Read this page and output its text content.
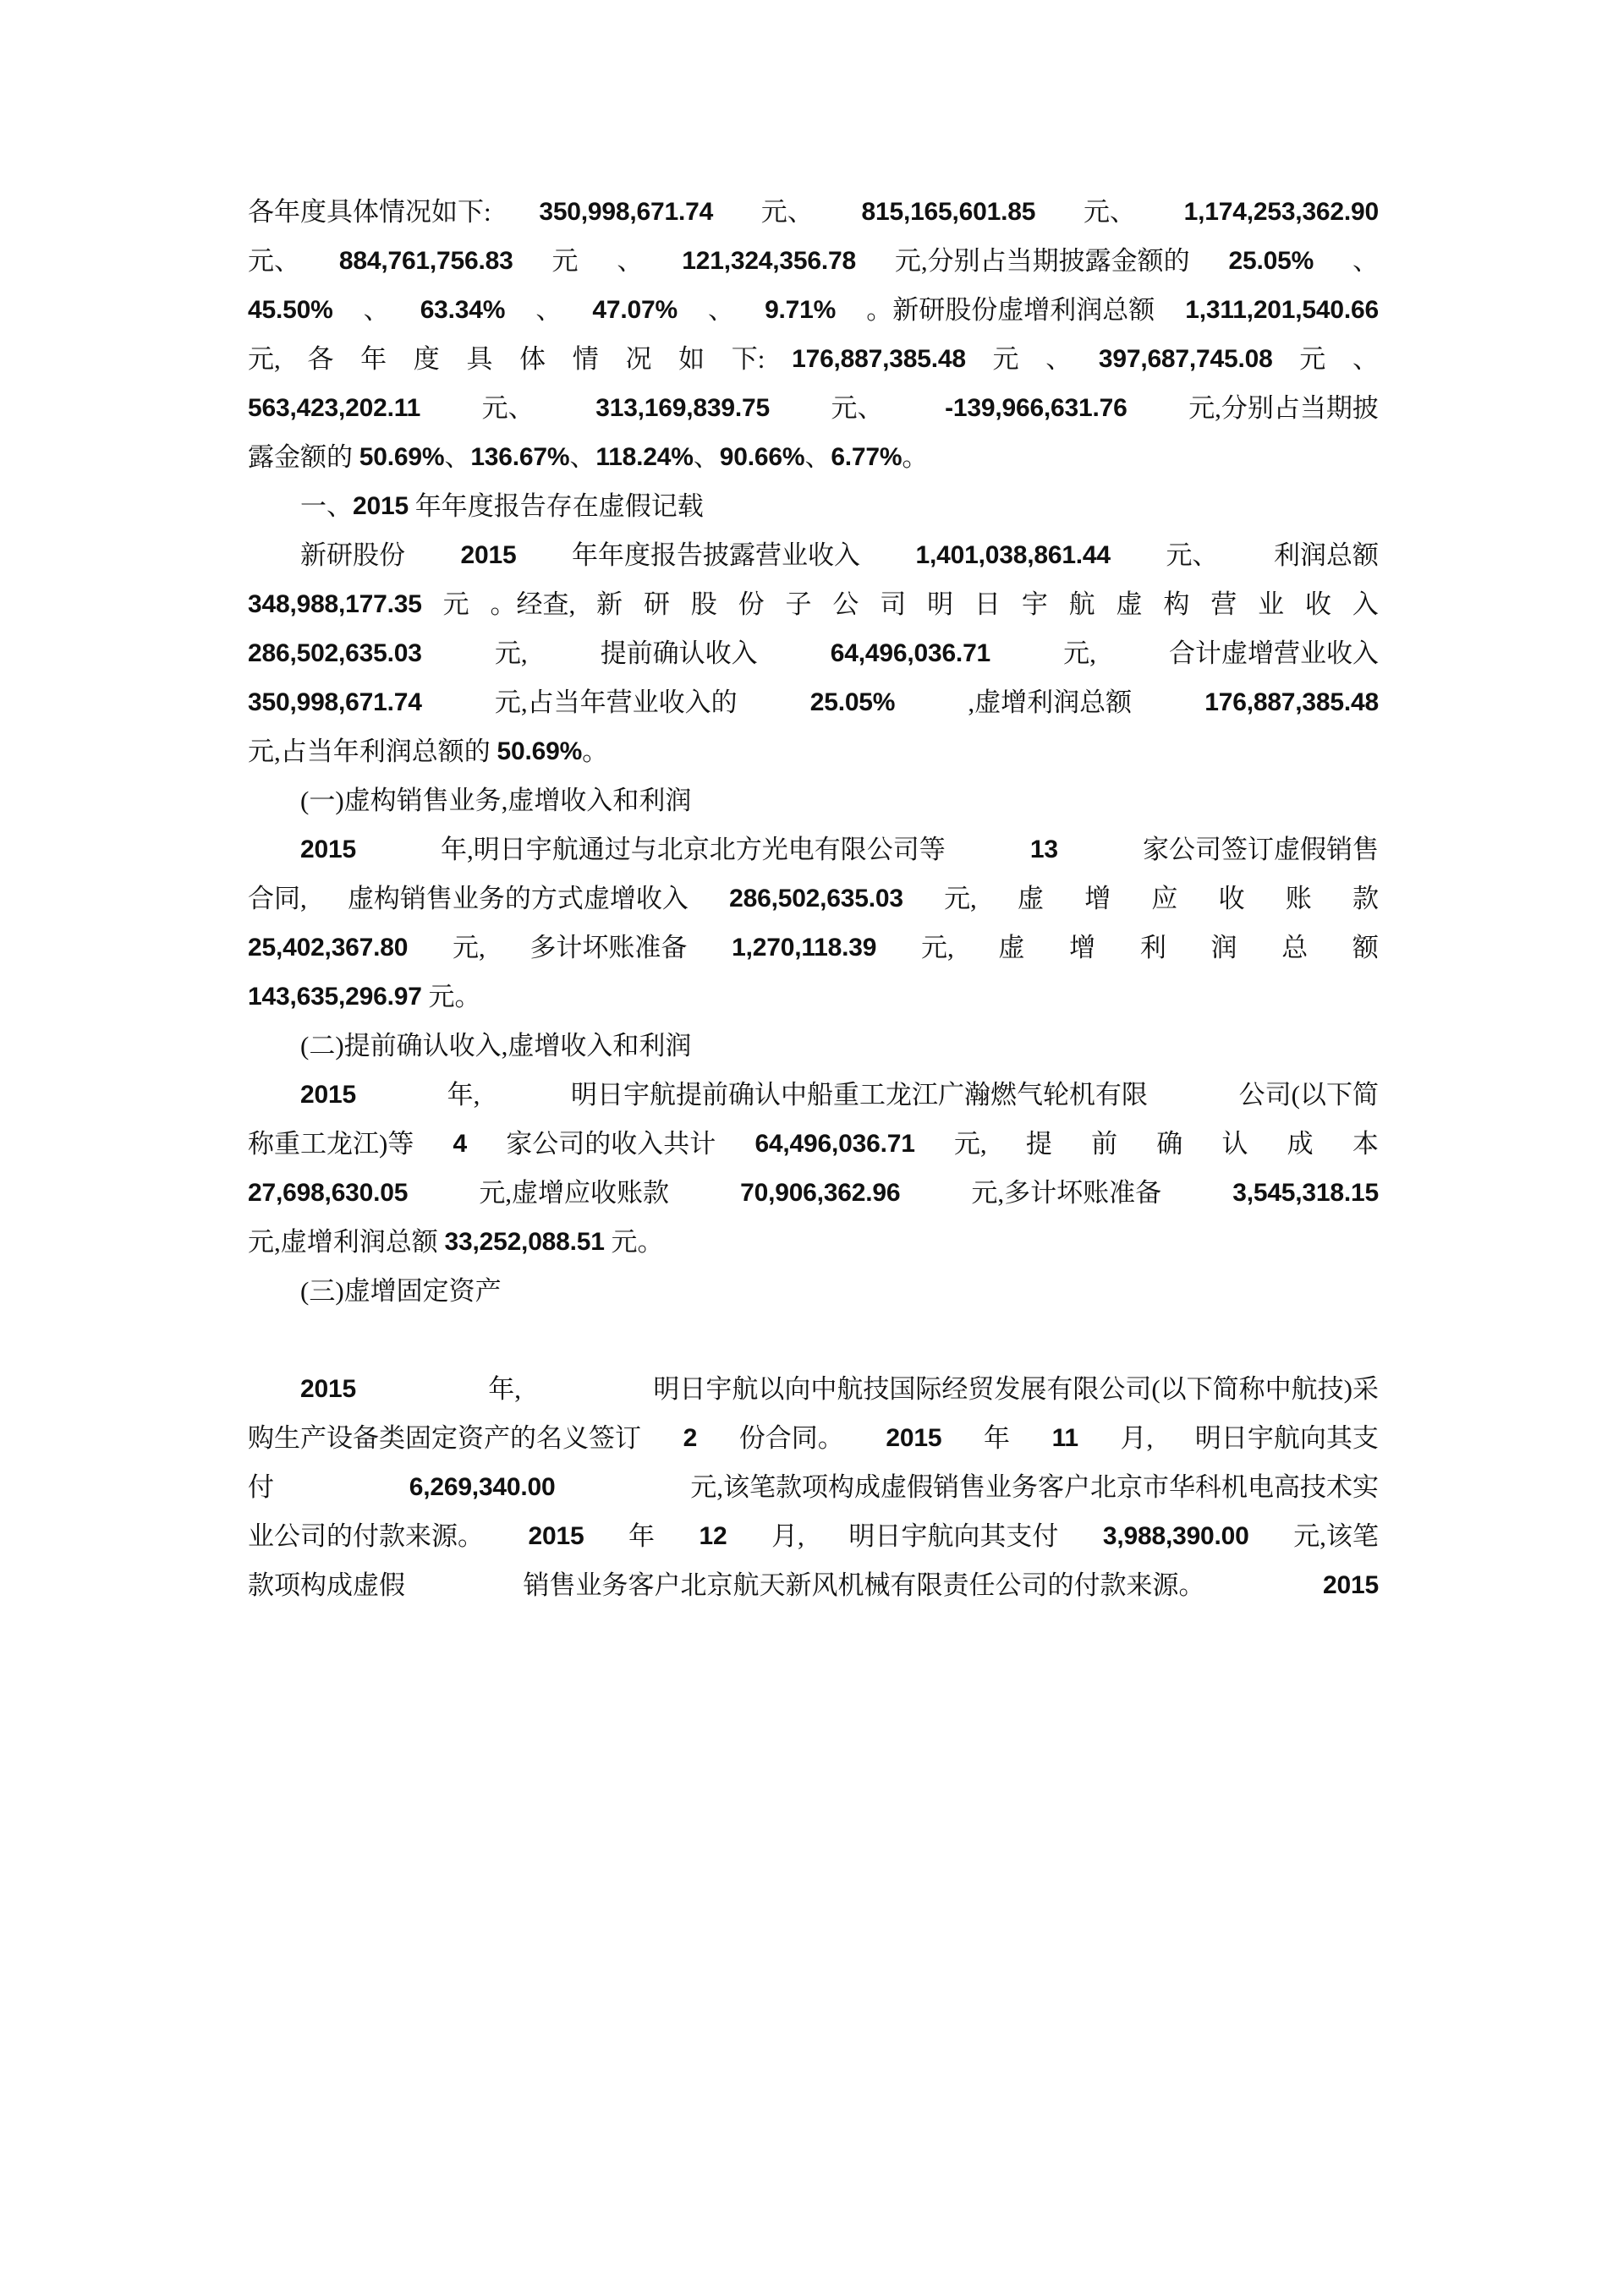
各年度具体情况如下: 350,998,671.74 元、 815,165,601.85 元、 1,174,253,362.90
元、 884,761,756.83 元 、 121,324,356.78 元,分别占当期披露金额的 25.05% 、
45.50% 、 63.34% 、 47.07% 、 9.71% 。新研股份虚增利润总额 1,311,201,540.66
元, 各 年 度 具 体 情 况 如 下: 176,887,385.48 元 、 397,687,745.08 元 、
563,423,202.11 元、 313,169,839.75 元、 -139,966,631.76 元,分别占当期披
露金额的 50.69% 、 136.67% 、 118.24% 、 90.66% 、 6.77% 。
一、 2015 年年度报告存在虚假记载
新研股份 2015 年年度报告披露营业收入 1,401,038,861.44 元、 利润总额
348,988,177.35 元 。经查, 新 研 股 份 子 公 司 明 日 宇 航 虚 构 营 业 收 入
286,502,635.03	元,	提前确认收入	64,496,036.71	元,	合计虚增营业收入
350,998,671.74	元,占当年营业收入的	25.05%	,虚增利润总额	176,887,385.48
元,占当年利润总额的 50.69% 。
(一)虚构销售业务,虚增收入和利润
2015	年,明日宇航通过与北京北方光电有限公司等	13	家公司签订虚假销售
合同, 虚构销售业务的方式虚增收入 286,502,635.03 元, 虚 增 应 收 账 款
25,402,367.80 元, 多计坏账准备 1,270,118.39 元, 虚 增 利 润 总 额
143,635,296.97 元。
(二)提前确认收入,虚增收入和利润
2015	年,	明日宇航提前确认中船重工龙江广瀚燃气轮机有限	公司(以下简
称重工龙江)等 4 家公司的收入共计 64,496,036.71 元, 提 前 确 认 成 本
27,698,630.05	元,虚增应收账款	70,906,362.96	元,多计坏账准备	3,545,318.15
元,虚增利润总额 33,252,088.51 元。
(三)虚增固定资产
2015	年,	明日宇航以向中航技国际经贸发展有限公司(以下简称中航技)采
购生产设备类固定资产的名义签订 2 份合同。 2015 年 11 月, 明日宇航向其支
付	6,269,340.00	元,该笔款项构成虚假销售业务客户北京市华科机电高技术实
业公司的付款来源。 2015 年 12 月, 明日宇航向其支付 3,988,390.00 元,该笔
款项构成虚假	销售业务客户北京航天新风机械有限责任公司的付款来源。	2015
